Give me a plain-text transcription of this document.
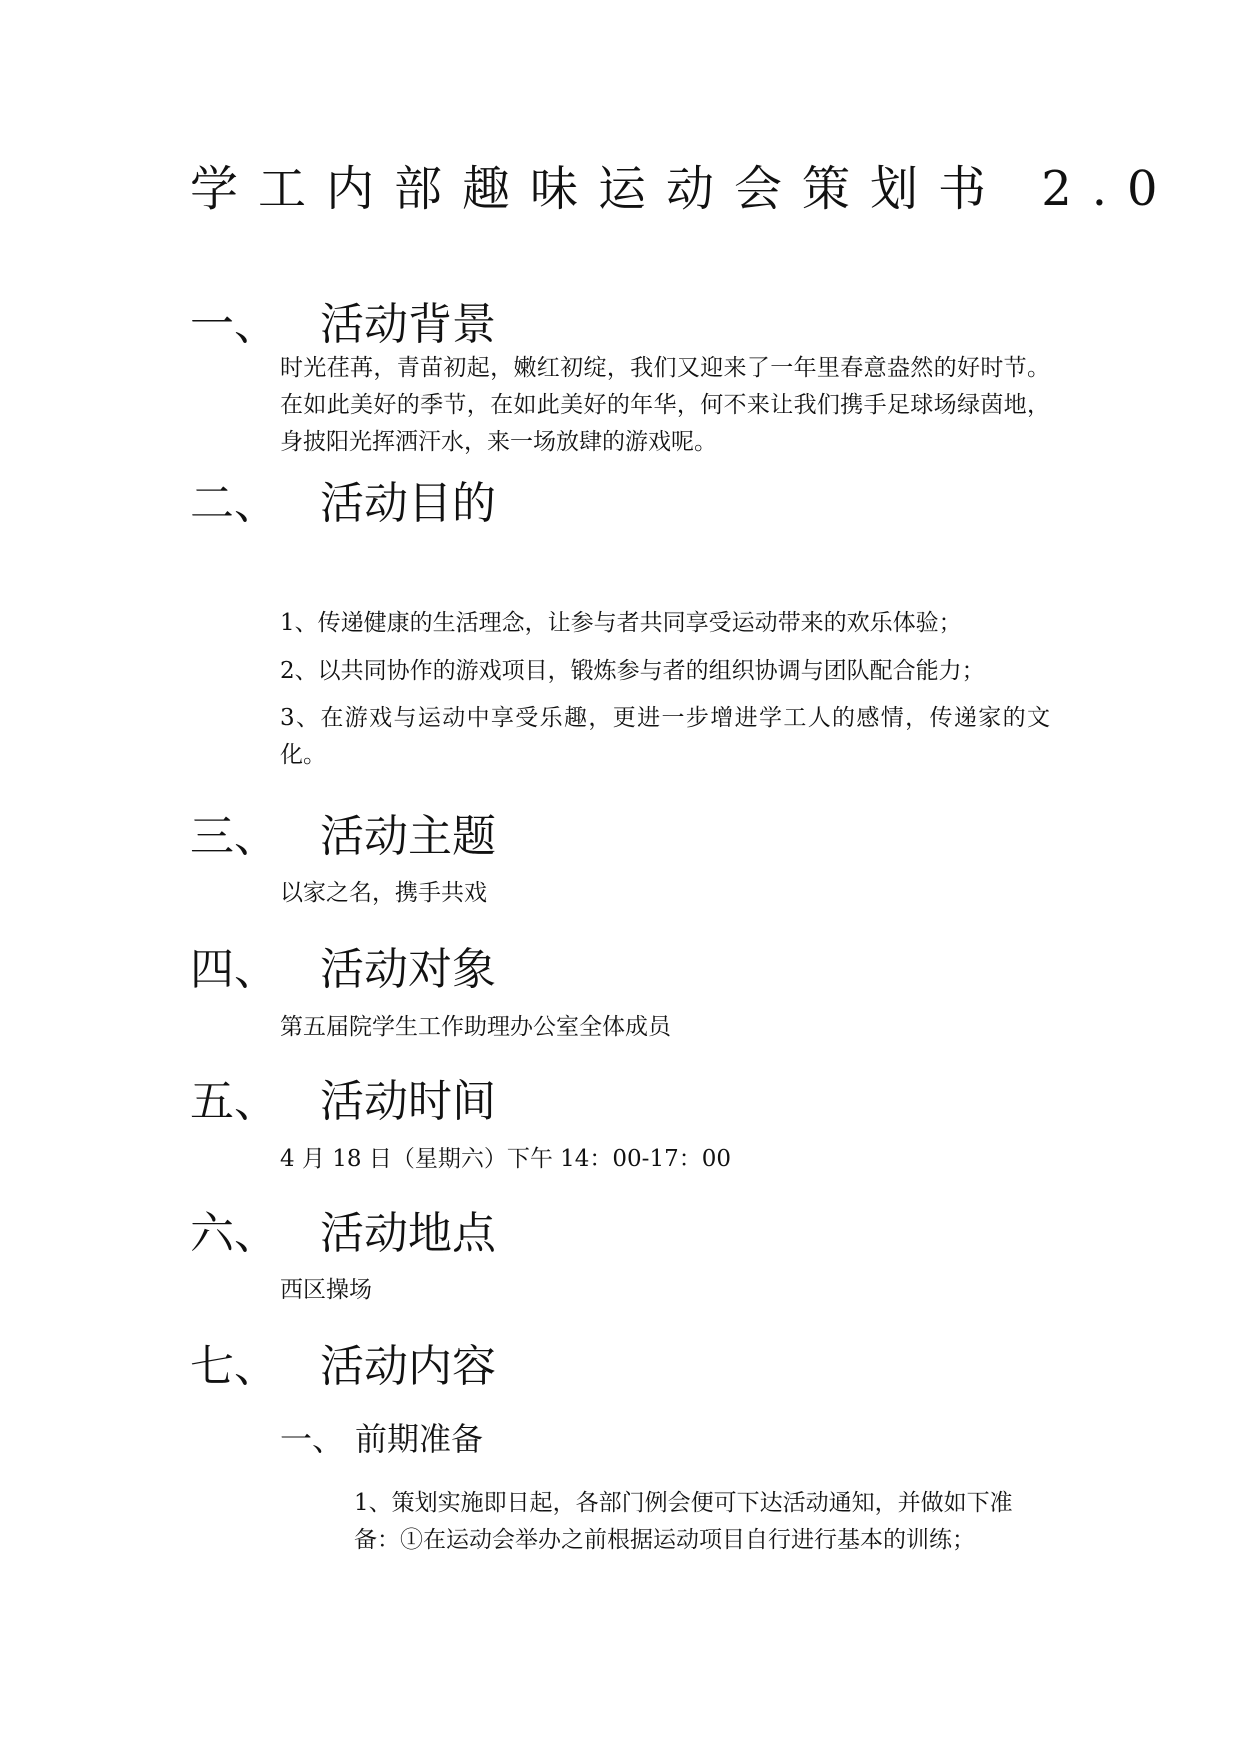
学工内部趣味运动会策划书 2.0
一、 活动背景
时光荏苒，青苗初起，嫩红初绽，我们又迎来了一年里春意盎然的好时节。在如此美好的季节，在如此美好的年华，何不来让我们携手足球场绿茵地，身披阳光挥洒汗水，来一场放肆的游戏呢。
二、 活动目的
1、传递健康的生活理念，让参与者共同享受运动带来的欢乐体验；
2、以共同协作的游戏项目，锻炼参与者的组织协调与团队配合能力；
3、在游戏与运动中享受乐趣，更进一步增进学工人的感情，传递家的文化。
三、 活动主题
以家之名，携手共戏
四、 活动对象
第五届院学生工作助理办公室全体成员
五、 活动时间
4 月 18 日（星期六）下午 14：00-17：00
六、 活动地点
西区操场
七、 活动内容
一、 前期准备
1、策划实施即日起，各部门例会便可下达活动通知，并做如下准备：①在运动会举办之前根据运动项目自行进行基本的训练；
